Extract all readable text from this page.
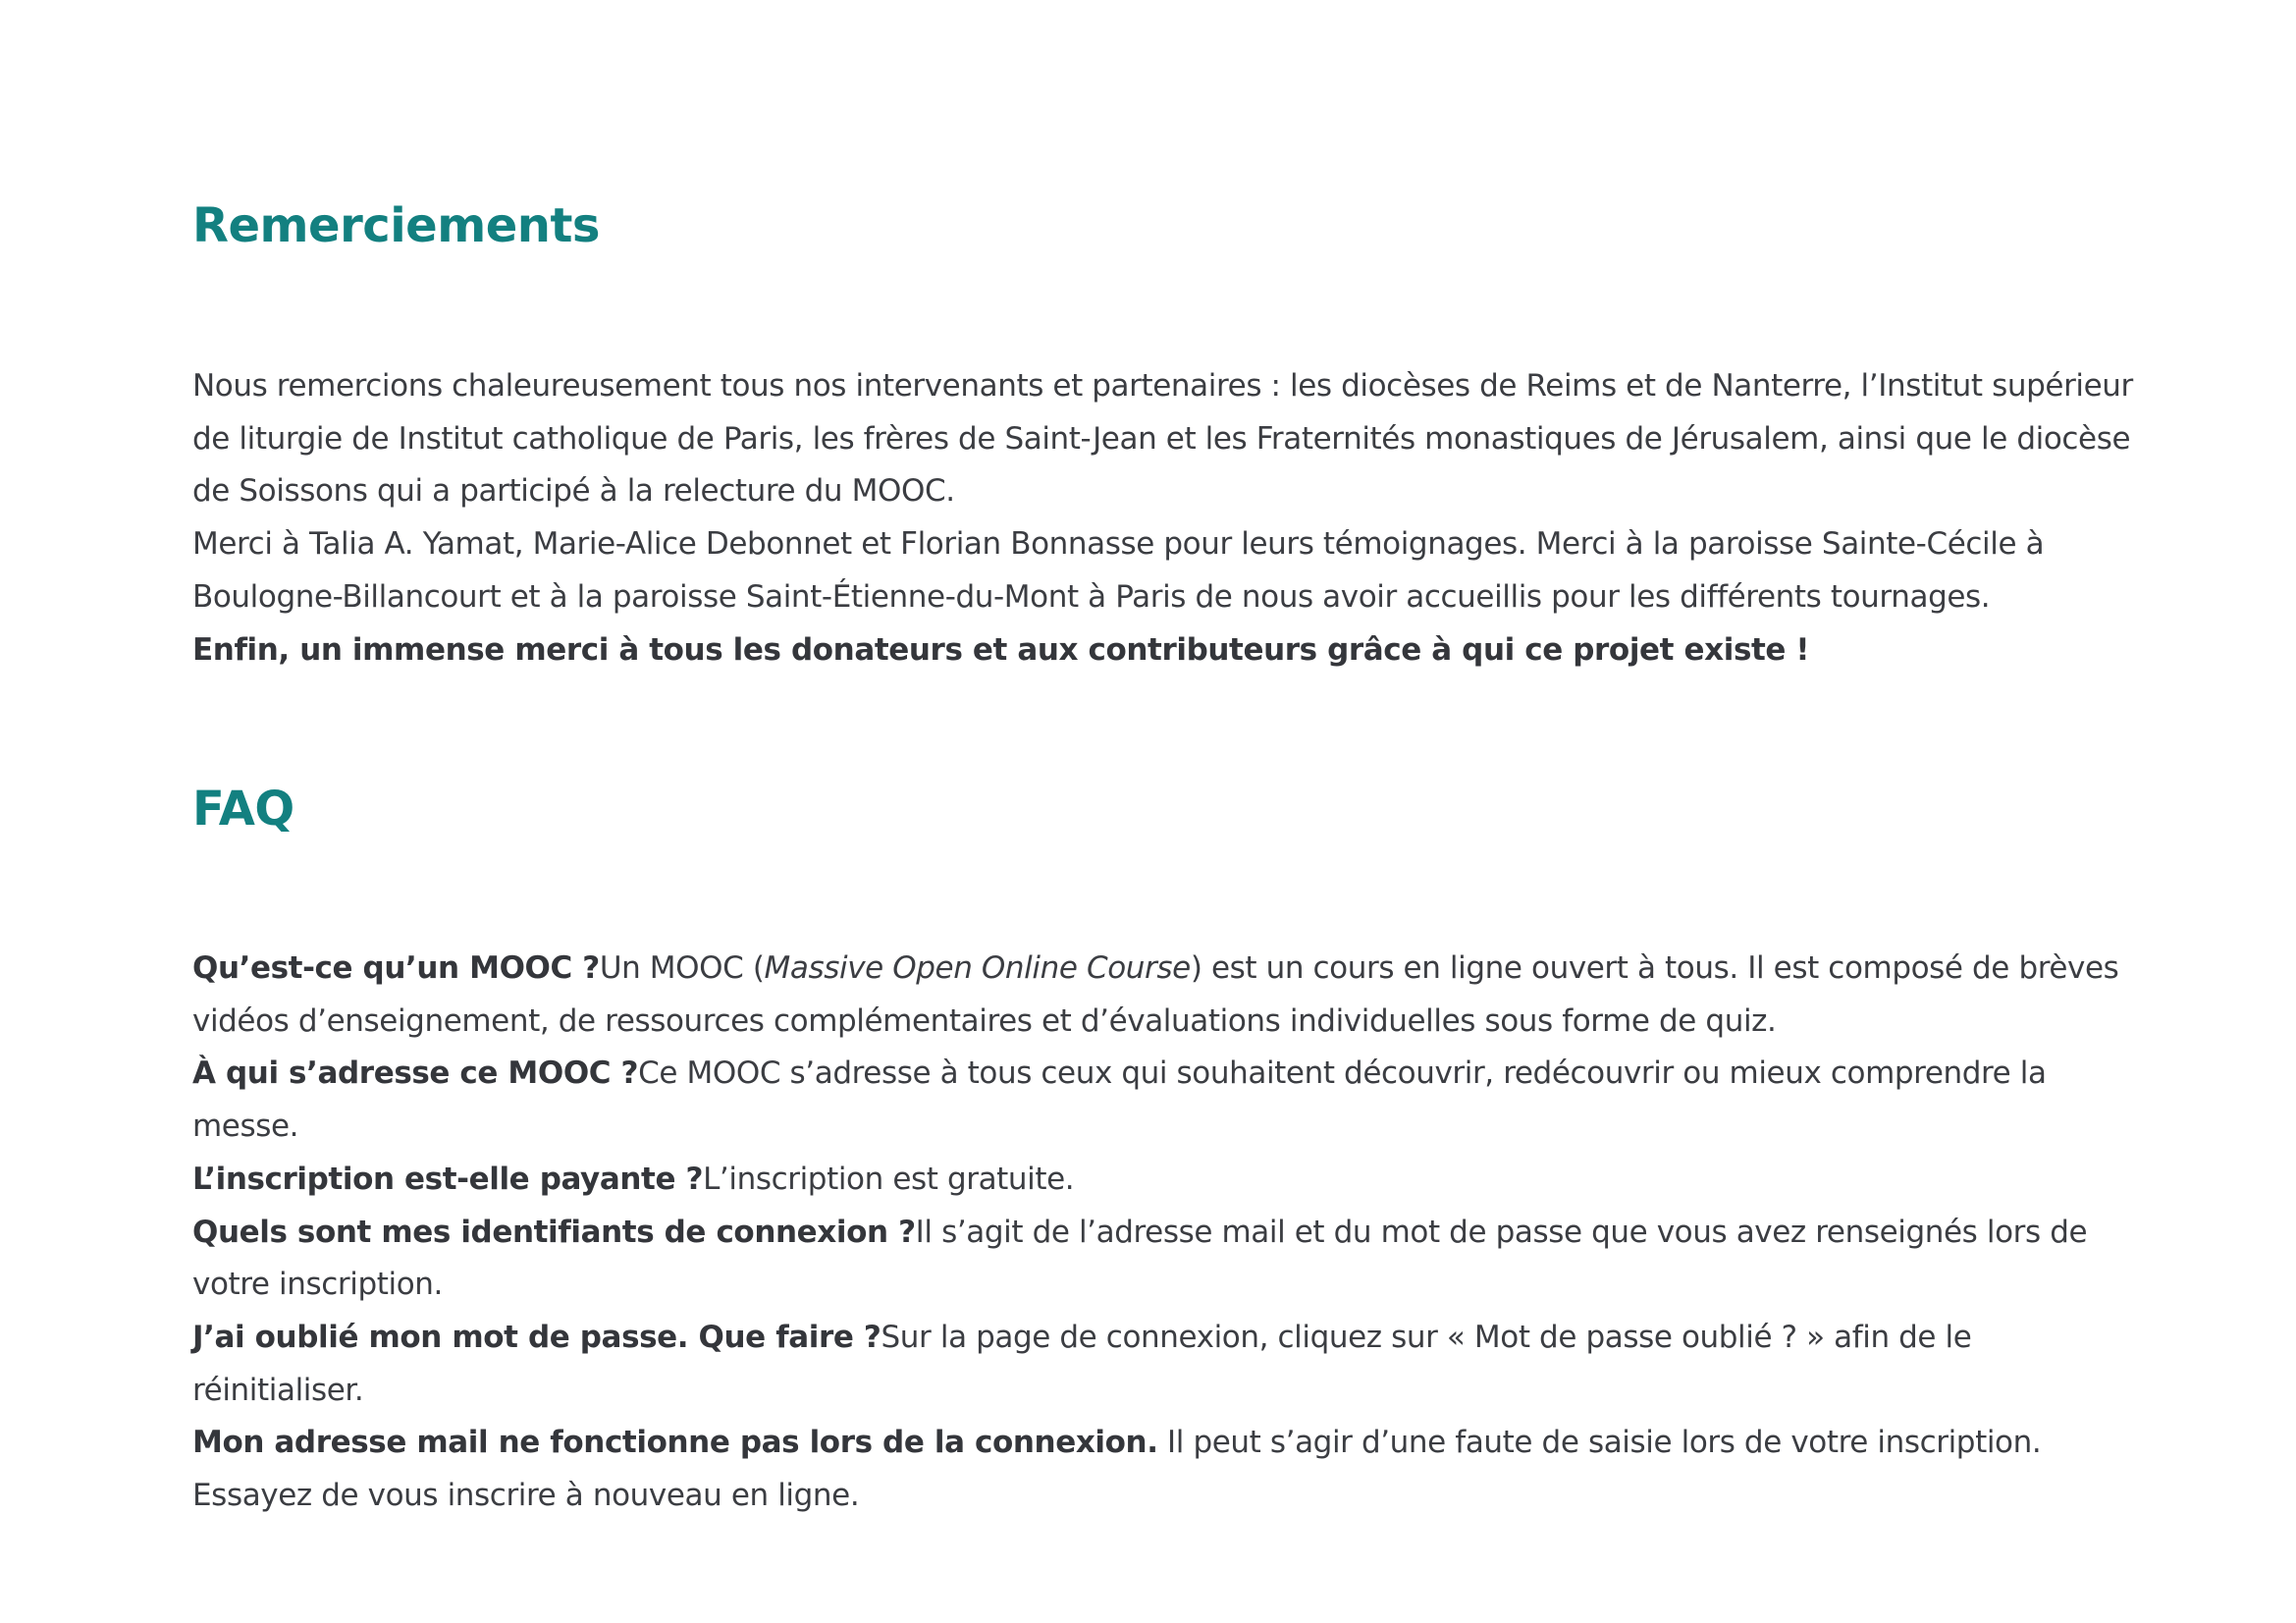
Remerciements

Nous remercions chaleureusement tous nos intervenants et partenaires : les diocèses de Reims et de Nanterre, l’Institut supérieur de liturgie de Institut catholique de Paris, les frères de Saint-Jean et les Fraternités monastiques de Jérusalem, ainsi que le diocèse de Soissons qui a participé à la relecture du MOOC.

Merci à Talia A. Yamat, Marie-Alice Debonnet et Florian Bonnasse pour leurs témoignages. Merci à la paroisse Sainte-Cécile à Boulogne-Billancourt et à la paroisse Saint-Étienne-du-Mont à Paris de nous avoir accueillis pour les différents tournages.

Enfin, un immense merci à tous les donateurs et aux contributeurs grâce à qui ce projet existe !

FAQ

Qu’est-ce qu’un MOOC ?Un MOOC (Massive Open Online Course) est un cours en ligne ouvert à tous. Il est composé de brèves vidéos d’enseignement, de ressources complémentaires et d’évaluations individuelles sous forme de quiz.

À qui s’adresse ce MOOC ?Ce MOOC s’adresse à tous ceux qui souhaitent découvrir, redécouvrir ou mieux comprendre la messe.

L’inscription est-elle payante ?L’inscription est gratuite.

Quels sont mes identifiants de connexion ?Il s’agit de l’adresse mail et du mot de passe que vous avez renseignés lors de votre inscription.

J’ai oublié mon mot de passe. Que faire ?Sur la page de connexion, cliquez sur « Mot de passe oublié ? » afin de le réinitialiser.

Mon adresse mail ne fonctionne pas lors de la connexion. Il peut s’agir d’une faute de saisie lors de votre inscription. Essayez de vous inscrire à nouveau en ligne.
